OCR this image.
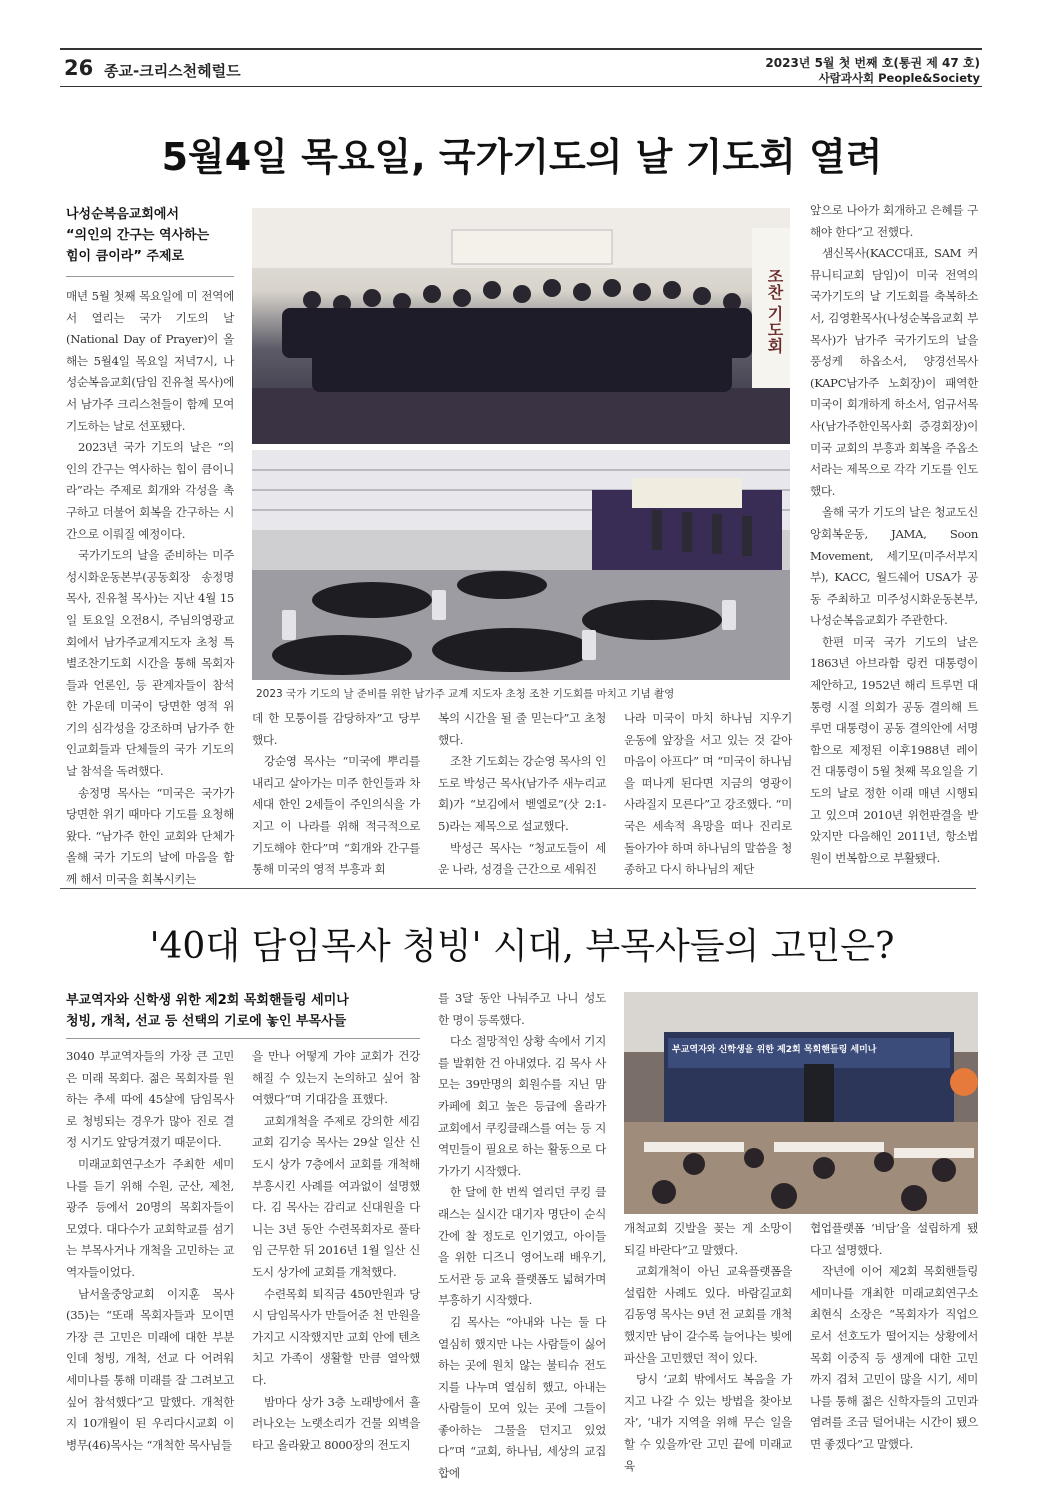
26 종교-크리스천헤럴드	2023년 5월 첫 번째 호(통권 제 47 호)
사람과사회 People&Society
5월4일 목요일, 국가기도의 날 기도회 열려
나성순복음교회에서
“의인의 간구는 역사하는
힘이 큼이라” 주제로

매년 5월 첫째 목요일에 미 전역에서 열리는 국가 기도의 날(National Day of Prayer)이 올해는 5월4일 목요일 저녁7시, 나성순복음교회(담임 진유철 목사)에서 남가주 크리스천들이 함께 모여 기도하는 날로 선포됐다.

2023년 국가 기도의 날은 “의인의 간구는 역사하는 힘이 큼이니라”라는 주제로 회개와 각성을 촉구하고 더불어 회복을 간구하는 시간으로 이뤄질 예정이다.

국가기도의 날을 준비하는 미주성시화운동본부(공동회장 송정명 목사, 진유철 목사)는 지난 4월 15일 토요일 오전8시, 주님의영광교회에서 남가주교계지도자 초청 특별조찬기도회 시간을 통해 목회자들과 언론인, 등 관계자들이 참석한 가운데 미국이 당면한 영적 위기의 심각성을 강조하며 남가주 한인교회들과 단체들의 국가 기도의 날 참석을 독려했다.

송정명 목사는 “미국은 국가가 당면한 위기 때마다 기도를 요청해 왔다. “남가주 한인 교회와 단체가 올해 국가 기도의 날에 마음을 함께 해서 미국을 회복시키는

조찬 기도회
2023 국가 기도의 날 준비를 위한 남가주 교계 지도자 초청 조찬 기도회를 마치고 기념 촬영

데 한 모퉁이를 감당하자”고 당부했다.

강순영 목사는 “미국에 뿌리를 내리고 살아가는 미주 한인들과 차세대 한인 2세들이 주인의식을 가지고 이 나라를 위해 적극적으로 기도해야 한다”며 “회개와 간구를 통해 미국의 영적 부흥과 회

복의 시간을 될 줄 믿는다”고 초청했다.

조찬 기도회는 강순영 목사의 인도로 박성근 목사(남가주 새누리교회)가 “보김에서 벧엘로”(삿 2:1-5)라는 제목으로 설교했다.

박성근 목사는 “청교도들이 세운 나라, 성경을 근간으로 세워진

나라 미국이 마치 하나님 지우기 운동에 앞장을 서고 있는 것 같아 마음이 아프다” 며 “미국이 하나님을 떠나게 된다면 지금의 영광이 사라질지 모른다”고 강조했다. “미국은 세속적 욕망을 떠나 진리로 돌아가야 하며 하나님의 말씀을 청종하고 다시 하나님의 제단

앞으로 나아가 회개하고 은혜를 구해야 한다”고 전했다.

샘신목사(KACC대표, SAM 커뮤니티교회 담임)이 미국 전역의 국가기도의 날 기도회를 축복하소서, 김영환목사(나성순복음교회 부목사)가 남가주 국가기도의 날을 풍성케 하옵소서, 양경선목사(KAPC남가주 노회장)이 패역한 미국이 회개하게 하소서, 엄규서목사(남가주한인목사회 증경회장)이 미국 교회의 부흥과 회복을 주옵소서라는 제목으로 각각 기도를 인도했다.

올해 국가 기도의 날은 청교도신앙회복운동, JAMA, Soon Movement, 세기모(미주서부지부), KACC, 월드쉐어 USA가 공동 주최하고 미주성시화운동본부, 나성순복음교회가 주관한다.

한편 미국 국가 기도의 날은 1863년 아브라함 링컨 대통령이 제안하고, 1952년 해리 트루먼 대통령 시절 의회가 공동 결의해 트루먼 대통령이 공동 결의안에 서명함으로 제정된 이후1988년 레이건 대통령이 5월 첫째 목요일을 기도의 날로 정한 이래 매년 시행되고 있으며 2010년 위헌판결을 받았지만 다음해인 2011년, 항소법원이 번복함으로 부활됐다.

'40대 담임목사 청빙' 시대, 부목사들의 고민은?
부교역자와 신학생 위한 제2회 목회핸들링 세미나
청빙, 개척, 선교 등 선택의 기로에 놓인 부목사들

3040 부교역자들의 가장 큰 고민은 미래 목회다. 젊은 목회자를 원하는 추세 따에 45살에 담임목사로 청빙되는 경우가 많아 진로 결정 시기도 앞당겨졌기 때문이다.

미래교회연구소가 주최한 세미나를 듣기 위해 수원, 군산, 제천, 광주 등에서 20명의 목회자들이 모였다. 대다수가 교회학교를 섬기는 부목사거나 개척을 고민하는 교역자들이었다.

남서울중앙교회 이지훈 목사(35)는 “또래 목회자들과 모이면 가장 큰 고민은 미래에 대한 부분인데 청빙, 개척, 선교 다 어려워 세미나를 통해 미래를 잘 그려보고 싶어 참석했다”고 말했다. 개척한 지 10개월이 된 우리다시교회 이병무(46)목사는 “개척한 목사님들

을 만나 어떻게 가야 교회가 건강해질 수 있는지 논의하고 싶어 참여했다”며 기대감을 표했다.

교회개척을 주제로 강의한 세김교회 김기승 목사는 29살 일산 신도시 상가 7층에서 교회를 개척해 부흥시킨 사례를 여과없이 설명했다. 김 목사는 감리교 신대원을 다니는 3년 동안 수련목회자로 풀타임 근무한 뒤 2016년 1월 일산 신도시 상가에 교회를 개척했다.

수련목회 퇴직금 450만원과 당시 담임목사가 만들어준 천 만원을 가지고 시작했지만 교회 안에 텐츠 치고 가족이 생활할 만큼 열악했다.

밤마다 상가 3층 노래방에서 흘러나오는 노랫소리가 건물 외벽을 타고 올라왔고 8000장의 전도지

를 3달 동안 나눠주고 나니 성도 한 명이 등록했다.

다소 절망적인 상황 속에서 기지를 발휘한 건 아내였다. 김 목사 사모는 39만명의 회원수를 지닌 맘카페에 회고 높은 등급에 올라가 교회에서 쿠킹클래스를 여는 등 지역민들이 필요로 하는 활동으로 다가가기 시작했다.

한 달에 한 번씩 열리던 쿠킹 클래스는 실시간 대기자 명단이 순식간에 찰 정도로 인기였고, 아이들을 위한 디즈니 영어노래 배우기, 도서관 등 교육 플랫폼도 넓혀가며 부흥하기 시작했다.

김 목사는 “아내와 나는 둘 다 열심히 했지만 나는 사람들이 싫어하는 곳에 원치 않는 불티슈 전도지를 나누며 열심히 했고, 아내는 사람들이 모여 있는 곳에 그들이 좋아하는 그물을 던지고 있었다”며 “교회, 하나님, 세상의 교집합에

부교역자와 신학생을 위한 제2회 목회핸들링 세미나

개척교회 깃발을 꽂는 게 소망이 되길 바란다”고 말했다.

교회개척이 아닌 교육플랫폼을 설립한 사례도 있다. 바람길교회 김동영 목사는 9년 전 교회를 개척했지만 남이 갈수록 늘어나는 빚에 파산을 고민했던 적이 있다.

당시 ‘교회 밖에서도 복음을 가지고 나갈 수 있는 방법을 찾아보자’, ‘내가 지역을 위해 무슨 일을 할 수 있을까’란 고민 끝에 미래교육

협업플랫폼 ‘비담’을 설립하게 됐다고 설명했다.

작년에 이어 제2회 목회핸들링 세미나를 개최한 미래교회연구소 최현식 소장은 “목회자가 직업으로서 선호도가 떨어지는 상황에서 목회 이중직 등 생계에 대한 고민까지 겹쳐 고민이 많을 시기, 세미나를 통해 젊은 신학자들의 고민과 염려를 조금 덜어내는 시간이 됐으면 좋겠다”고 말했다.
